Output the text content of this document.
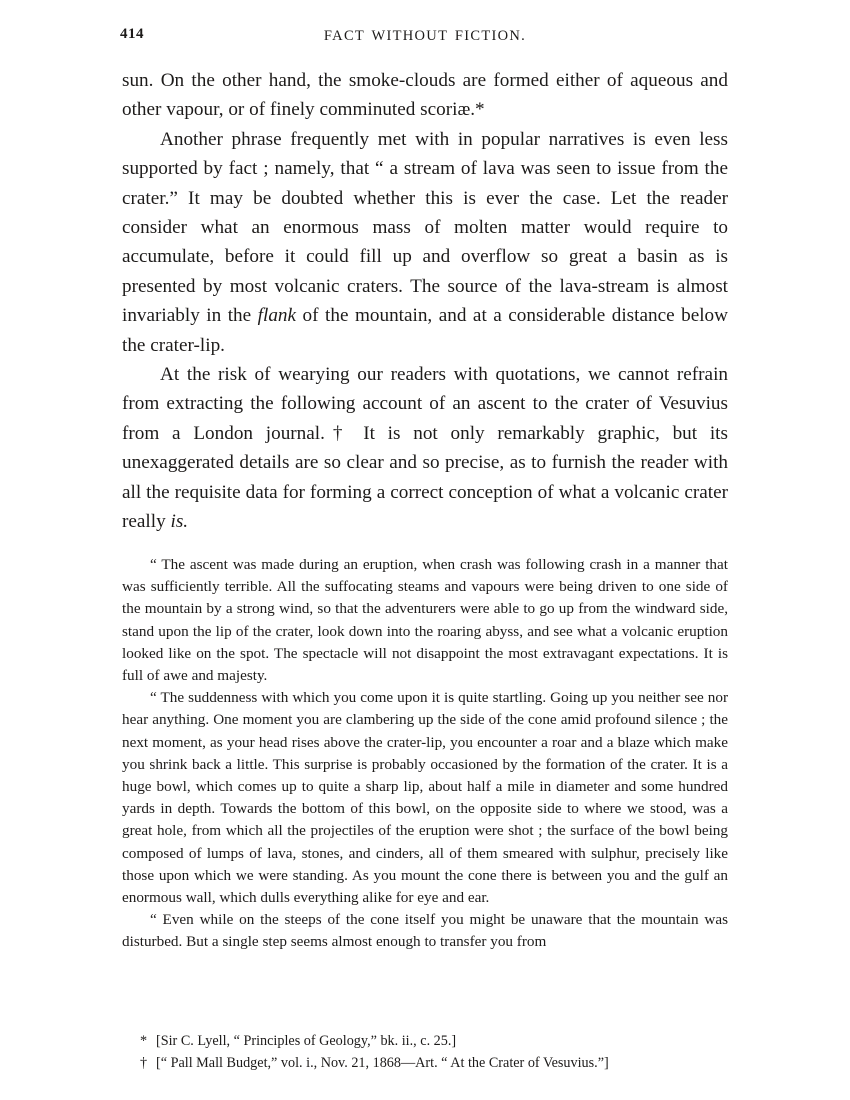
414	FACT WITHOUT FICTION.

sun. On the other hand, the smoke-clouds are formed either of aqueous and other vapour, or of finely comminuted scoriæ.*

Another phrase frequently met with in popular narratives is even less supported by fact ; namely, that “ a stream of lava was seen to issue from the crater.” It may be doubted whether this is ever the case. Let the reader consider what an enormous mass of molten matter would require to accumulate, before it could fill up and overflow so great a basin as is presented by most volcanic craters. The source of the lava-stream is almost invariably in the flank of the mountain, and at a considerable distance below the crater-lip.

At the risk of wearying our readers with quotations, we cannot refrain from extracting the following account of an ascent to the crater of Vesuvius from a London journal.† It is not only remarkably graphic, but its unexaggerated details are so clear and so precise, as to furnish the reader with all the requisite data for forming a correct conception of what a volcanic crater really is.

“ The ascent was made during an eruption, when crash was following crash in a manner that was sufficiently terrible. All the suffocating steams and vapours were being driven to one side of the mountain by a strong wind, so that the adventurers were able to go up from the windward side, stand upon the lip of the crater, look down into the roaring abyss, and see what a volcanic eruption looked like on the spot. The spectacle will not disappoint the most extravagant expectations. It is full of awe and majesty.

“ The suddenness with which you come upon it is quite startling. Going up you neither see nor hear anything. One moment you are clambering up the side of the cone amid profound silence ; the next moment, as your head rises above the crater-lip, you encounter a roar and a blaze which make you shrink back a little. This surprise is probably occasioned by the formation of the crater. It is a huge bowl, which comes up to quite a sharp lip, about half a mile in diameter and some hundred yards in depth. Towards the bottom of this bowl, on the opposite side to where we stood, was a great hole, from which all the projectiles of the eruption were shot ; the surface of the bowl being composed of lumps of lava, stones, and cinders, all of them smeared with sulphur, precisely like those upon which we were standing. As you mount the cone there is between you and the gulf an enormous wall, which dulls everything alike for eye and ear.

“ Even while on the steeps of the cone itself you might be unaware that the mountain was disturbed. But a single step seems almost enough to transfer you from

* [Sir C. Lyell, “ Principles of Geology,” bk. ii., c. 25.]
† [“ Pall Mall Budget,” vol. i., Nov. 21, 1868—Art. “ At the Crater of Vesuvius.”]
